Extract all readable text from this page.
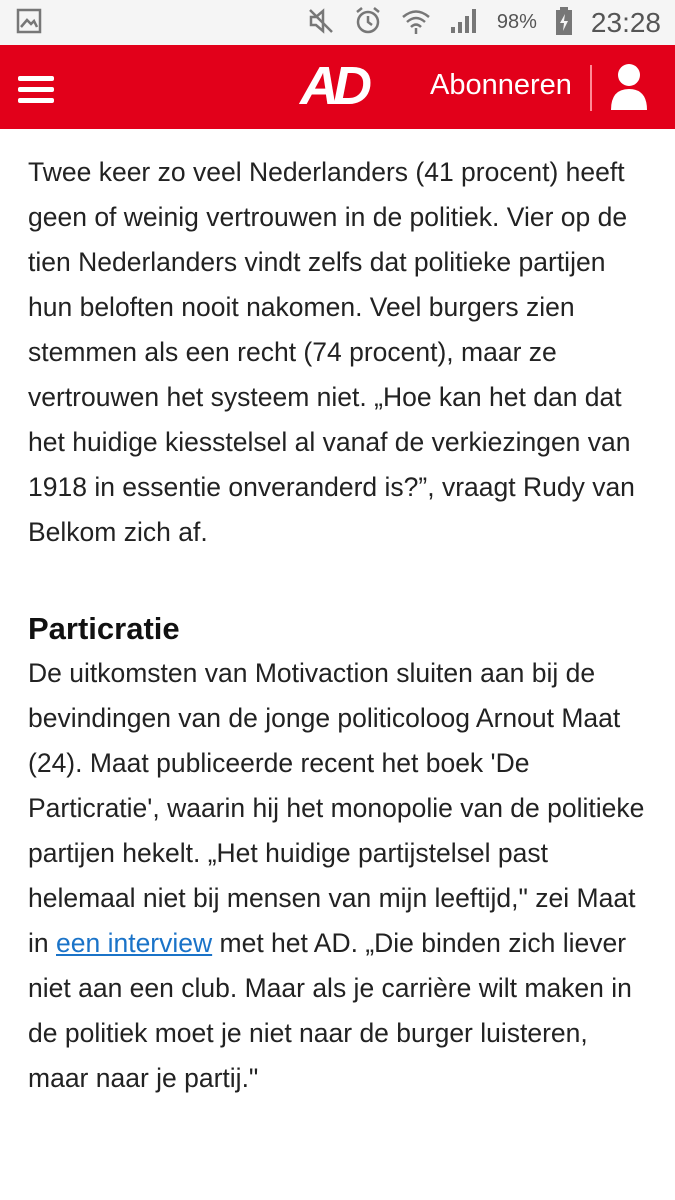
98% 23:28
AD	Abonneren

Twee keer zo veel Nederlanders (41 procent) heeft geen of weinig vertrouwen in de politiek. Vier op de tien Nederlanders vindt zelfs dat politieke partijen hun beloften nooit nakomen. Veel burgers zien stemmen als een recht (74 procent), maar ze vertrouwen het systeem niet. „Hoe kan het dan dat het huidige kiesstelsel al vanaf de verkiezingen van 1918 in essentie onveranderd is?”, vraagt Rudy van Belkom zich af.

Particratie

De uitkomsten van Motivaction sluiten aan bij de bevindingen van de jonge politicoloog Arnout Maat (24). Maat publiceerde recent het boek 'De Particratie', waarin hij het monopolie van de politieke partijen hekelt. „Het huidige partijstelsel past helemaal niet bij mensen van mijn leeftijd," zei Maat in een interview met het AD. „Die binden zich liever niet aan een club. Maar als je carrière wilt maken in de politiek moet je niet naar de burger luisteren, maar naar je partij."
